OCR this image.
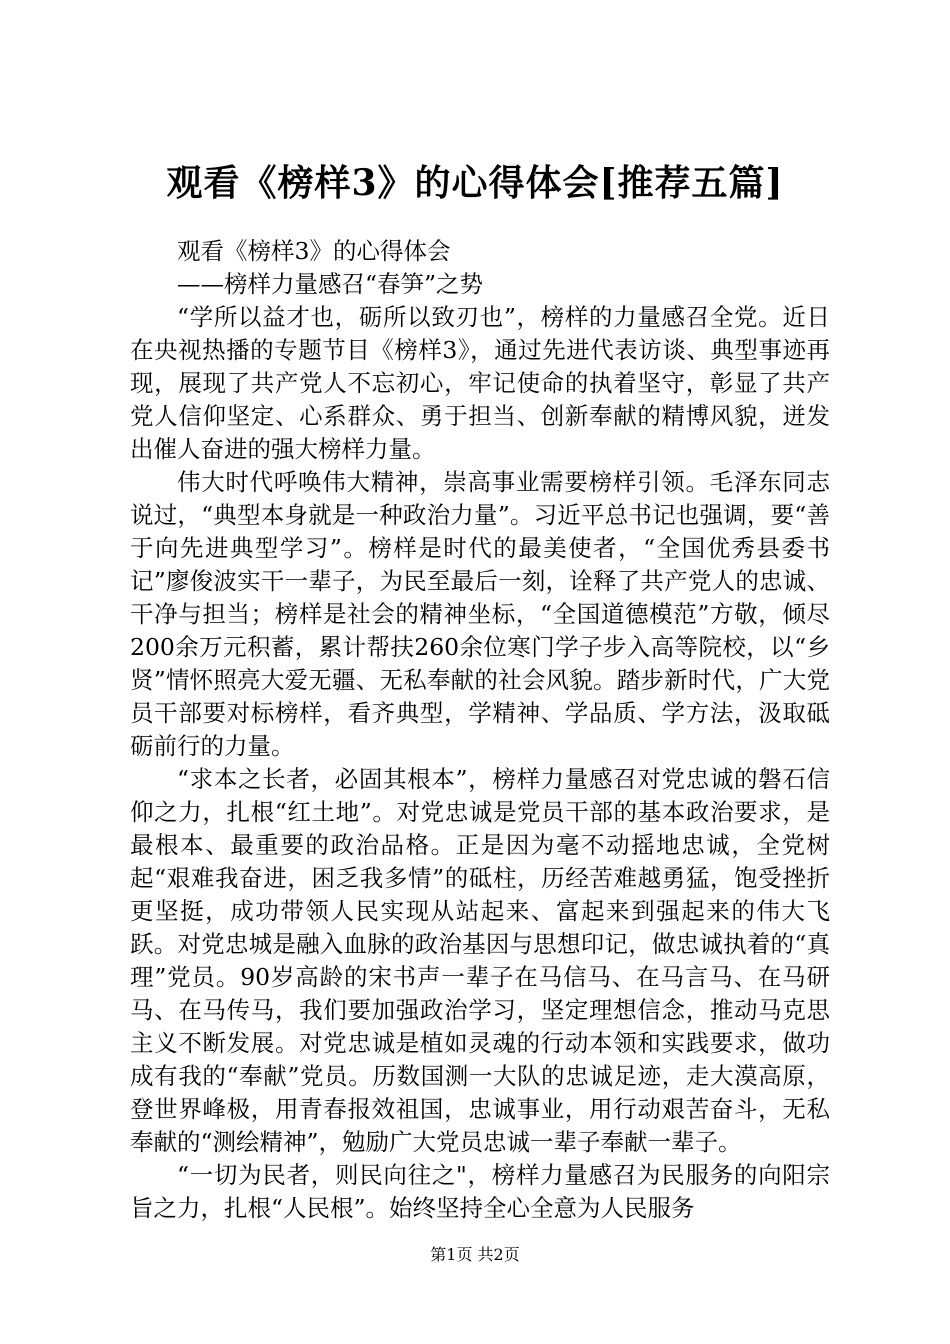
观看《榜样3》的心得体会[推荐五篇]

观看《榜样3》的心得体会

——榜样力量感召“春笋”之势

“学所以益才也，砺所以致刃也”，榜样的力量感召全党。近日在央视热播的专题节目《榜样3》，通过先进代表访谈、典型事迹再现，展现了共产党人不忘初心，牢记使命的执着坚守，彰显了共产党人信仰坚定、心系群众、勇于担当、创新奉献的精博风貌，迸发出催人奋进的强大榜样力量。

伟大时代呼唤伟大精神，崇高事业需要榜样引领。毛泽东同志说过，“典型本身就是一种政治力量”。习近平总书记也强调，要“善于向先进典型学习”。榜样是时代的最美使者，“全国优秀县委书记”廖俊波实干一辈子，为民至最后一刻，诠释了共产党人的忠诚、干净与担当；榜样是社会的精神坐标，“全国道德模范”方敬，倾尽200余万元积蓄，累计帮扶260余位寒门学子步入高等院校，以“乡贤”情怀照亮大爱无疆、无私奉献的社会风貌。踏步新时代，广大党员干部要对标榜样，看齐典型，学精神、学品质、学方法，汲取砥砺前行的力量。

“求本之长者，必固其根本”，榜样力量感召对党忠诚的磐石信仰之力，扎根“红土地”。对党忠诚是党员干部的基本政治要求，是最根本、最重要的政治品格。正是因为毫不动摇地忠诚，全党树起“艰难我奋进，困乏我多情”的砥柱，历经苦难越勇猛，饱受挫折更坚挺，成功带领人民实现从站起来、富起来到强起来的伟大飞跃。对党忠城是融入血脉的政治基因与思想印记，做忠诚执着的“真理”党员。90岁高龄的宋书声一辈子在马信马、在马言马、在马研马、在马传马，我们要加强政治学习，坚定理想信念，推动马克思主义不断发展。对党忠诚是植如灵魂的行动本领和实践要求，做功成有我的“奉献”党员。历数国测一大队的忠诚足迹，走大漠高原，登世界峰极，用青春报效祖国，忠诚事业，用行动艰苦奋斗，无私奉献的“测绘精神”，勉励广大党员忠诚一辈子奉献一辈子。

“一切为民者，则民向往之"，榜样力量感召为民服务的向阳宗旨之力，扎根“人民根”。始终坚持全心全意为人民服务

第1页 共2页
